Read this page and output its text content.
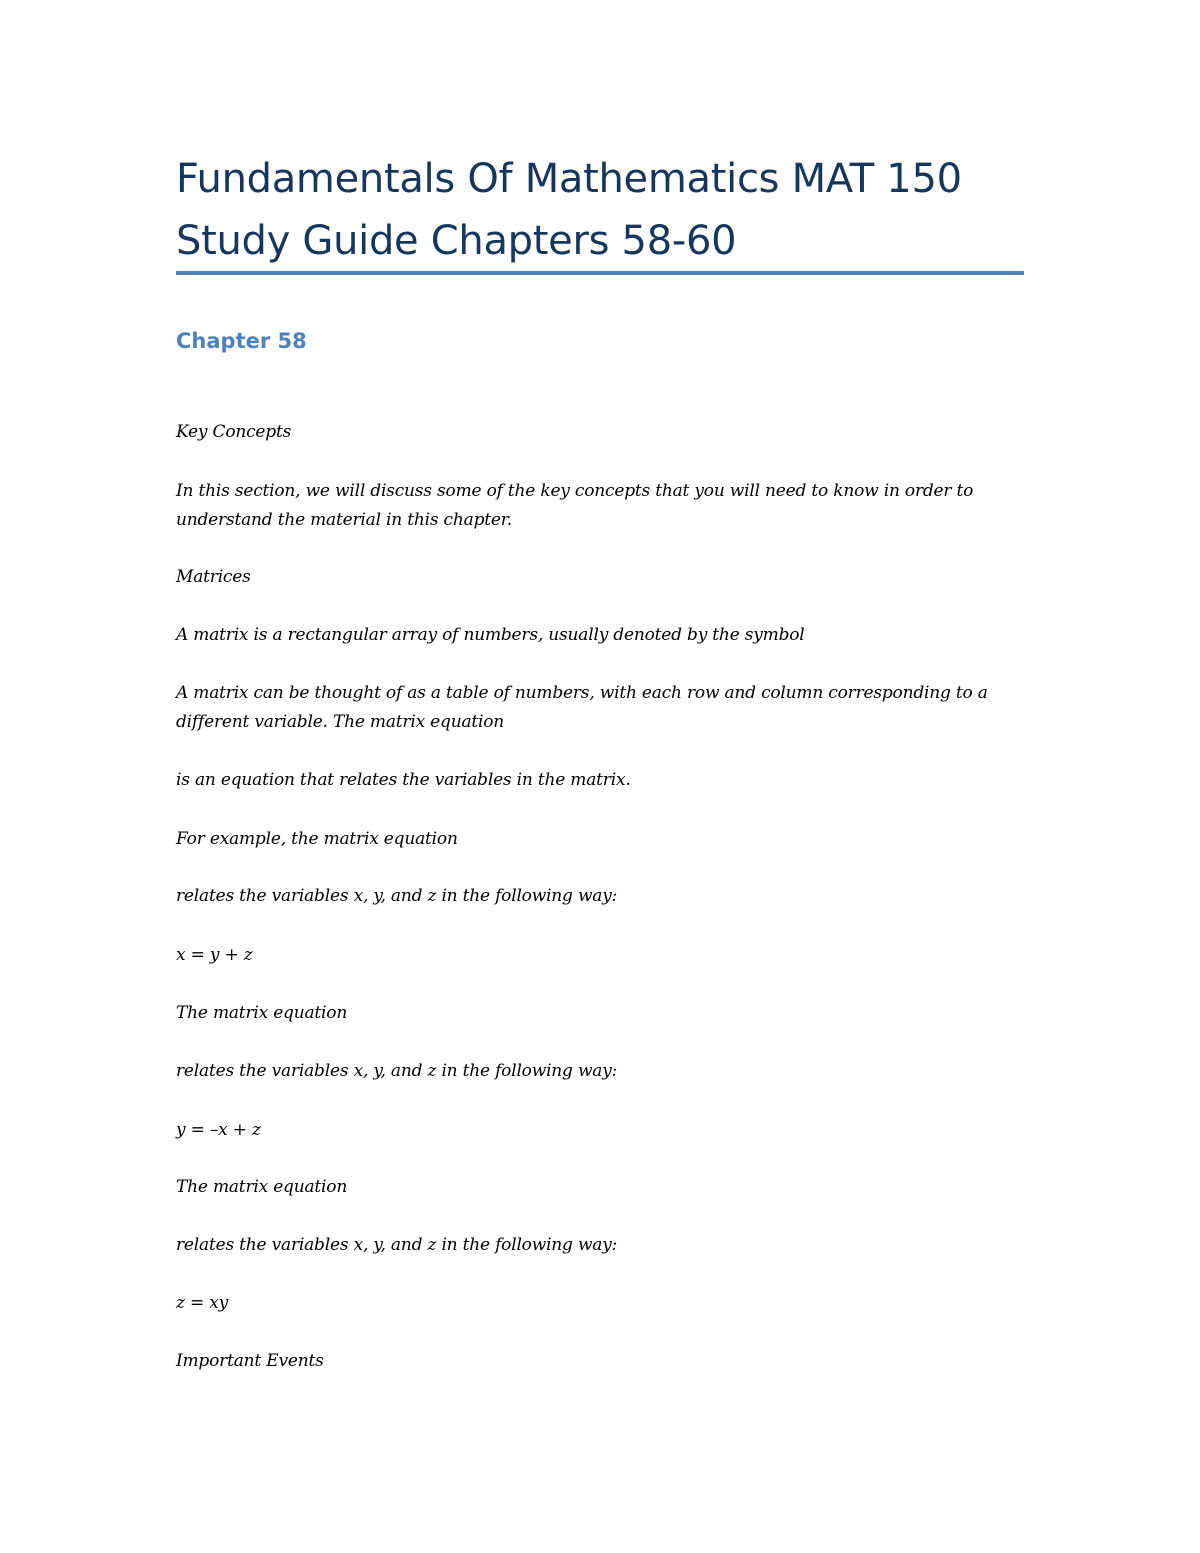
Fundamentals Of Mathematics MAT 150 Study Guide Chapters 58-60
Chapter 58

Key Concepts

In this section, we will discuss some of the key concepts that you will need to know in order to understand the material in this chapter.

Matrices

A matrix is a rectangular array of numbers, usually denoted by the symbol

A matrix can be thought of as a table of numbers, with each row and column corresponding to a different variable. The matrix equation

is an equation that relates the variables in the matrix.

For example, the matrix equation

relates the variables x, y, and z in the following way:

x = y + z

The matrix equation

relates the variables x, y, and z in the following way:

y = –x + z

The matrix equation

relates the variables x, y, and z in the following way:

z = xy

Important Events
